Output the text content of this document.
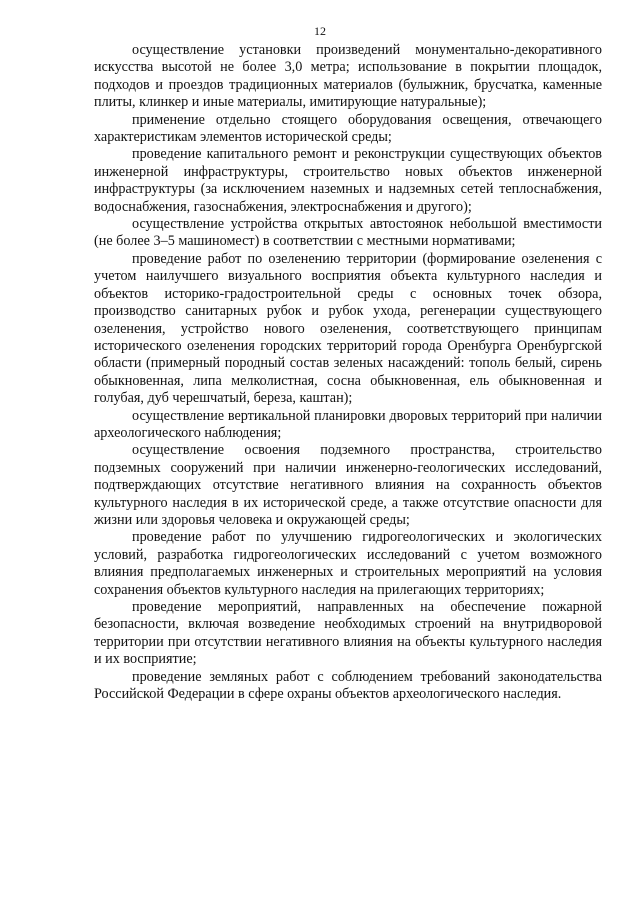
12

осуществление установки произведений монументально-декоративного искусства высотой не более 3,0 метра; использование в покрытии площадок, подходов и проездов традиционных материалов (булыжник, брусчатка, каменные плиты, клинкер и иные материалы, имитирующие натуральные);

применение отдельно стоящего оборудования освещения, отвечающего характеристикам элементов исторической среды;

проведение капитального ремонт и реконструкции существующих объектов инженерной инфраструктуры, строительство новых объектов инженерной инфраструктуры (за исключением наземных и надземных сетей теплоснабжения, водоснабжения, газоснабжения, электроснабжения и другого);

осуществление устройства открытых автостоянок небольшой вместимости (не более 3–5 машиномест) в соответствии с местными нормативами;

проведение работ по озеленению территории (формирование озеленения с учетом наилучшего визуального восприятия объекта культурного наследия и объектов историко-градостроительной среды с основных точек обзора, производство санитарных рубок и рубок ухода, регенерации существующего озеленения, устройство нового озеленения, соответствующего принципам исторического озеленения городских территорий города Оренбурга Оренбургской области (примерный породный состав зеленых насаждений: тополь белый, сирень обыкновенная, липа мелколистная, сосна обыкновенная, ель обыкновенная и голубая, дуб черешчатый, береза, каштан);

осуществление вертикальной планировки дворовых территорий при наличии археологического наблюдения;

осуществление освоения подземного пространства, строительство подземных сооружений при наличии инженерно-геологических исследований, подтверждающих отсутствие негативного влияния на сохранность объектов культурного наследия в их исторической среде, а также отсутствие опасности для жизни или здоровья человека и окружающей среды;

проведение работ по улучшению гидрогеологических и экологических условий, разработка гидрогеологических исследований с учетом возможного влияния предполагаемых инженерных и строительных мероприятий на условия сохранения объектов культурного наследия на прилегающих территориях;

проведение мероприятий, направленных на обеспечение пожарной безопасности, включая возведение необходимых строений на внутридворовой территории при отсутствии негативного влияния на объекты культурного наследия и их восприятие;

проведение земляных работ с соблюдением требований законодательства Российской Федерации в сфере охраны объектов археологического наследия.
